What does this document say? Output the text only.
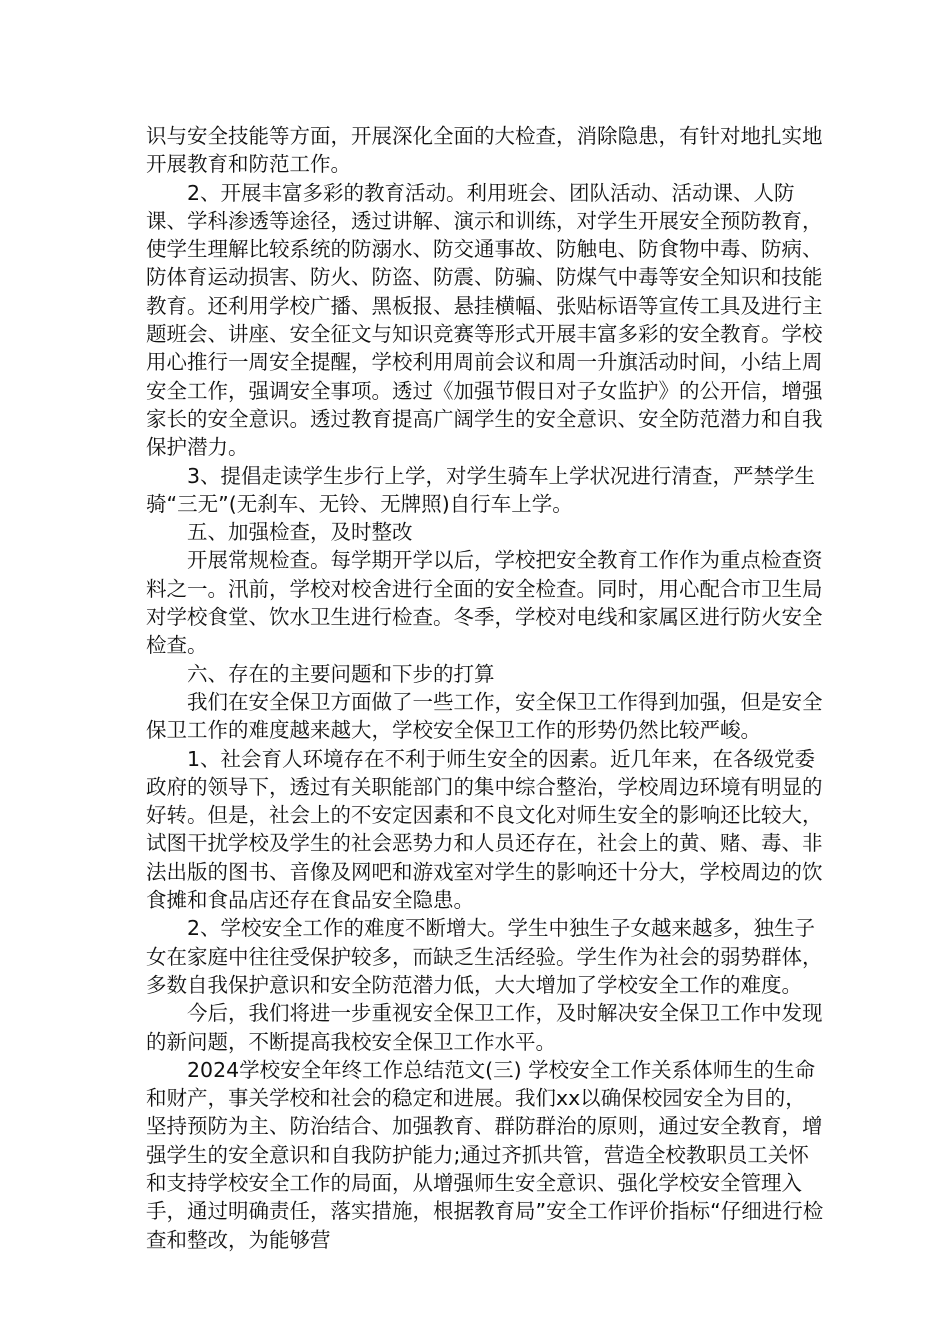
识与安全技能等方面，开展深化全面的大检查，消除隐患，有针对地扎实地开展教育和防范工作。

　　2、开展丰富多彩的教育活动。利用班会、团队活动、活动课、人防课、学科渗透等途径，透过讲解、演示和训练，对学生开展安全预防教育，使学生理解比较系统的防溺水、防交通事故、防触电、防食物中毒、防病、防体育运动损害、防火、防盗、防震、防骗、防煤气中毒等安全知识和技能教育。还利用学校广播、黑板报、悬挂横幅、张贴标语等宣传工具及进行主题班会、讲座、安全征文与知识竞赛等形式开展丰富多彩的安全教育。学校用心推行一周安全提醒，学校利用周前会议和周一升旗活动时间，小结上周安全工作，强调安全事项。透过《加强节假日对子女监护》的公开信，增强家长的安全意识。透过教育提高广阔学生的安全意识、安全防范潜力和自我保护潜力。

　　3、提倡走读学生步行上学，对学生骑车上学状况进行清查，严禁学生骑“三无”(无刹车、无铃、无牌照)自行车上学。

　　五、加强检查，及时整改

　　开展常规检查。每学期开学以后，学校把安全教育工作作为重点检查资料之一。汛前，学校对校舍进行全面的安全检查。同时，用心配合市卫生局对学校食堂、饮水卫生进行检查。冬季，学校对电线和家属区进行防火安全检查。

　　六、存在的主要问题和下步的打算

　　我们在安全保卫方面做了一些工作，安全保卫工作得到加强，但是安全保卫工作的难度越来越大，学校安全保卫工作的形势仍然比较严峻。

　　1、社会育人环境存在不利于师生安全的因素。近几年来，在各级党委政府的领导下，透过有关职能部门的集中综合整治，学校周边环境有明显的好转。但是，社会上的不安定因素和不良文化对师生安全的影响还比较大，试图干扰学校及学生的社会恶势力和人员还存在，社会上的黄、赌、毒、非法出版的图书、音像及网吧和游戏室对学生的影响还十分大，学校周边的饮食摊和食品店还存在食品安全隐患。

　　2、学校安全工作的难度不断增大。学生中独生子女越来越多，独生子女在家庭中往往受保护较多，而缺乏生活经验。学生作为社会的弱势群体，多数自我保护意识和安全防范潜力低，大大增加了学校安全工作的难度。

　　今后，我们将进一步重视安全保卫工作，及时解决安全保卫工作中发现的新问题，不断提高我校安全保卫工作水平。

　　2024学校安全年终工作总结范文(三) 学校安全工作关系体师生的生命和财产，事关学校和社会的稳定和进展。我们xx以确保校园安全为目的，坚持预防为主、防治结合、加强教育、群防群治的原则，通过安全教育，增强学生的安全意识和自我防护能力;通过齐抓共管，营造全校教职员工关怀和支持学校安全工作的局面，从增强师生安全意识、强化学校安全管理入手，通过明确责任，落实措施，根据教育局”安全工作评价指标“仔细进行检查和整改，为能够营
